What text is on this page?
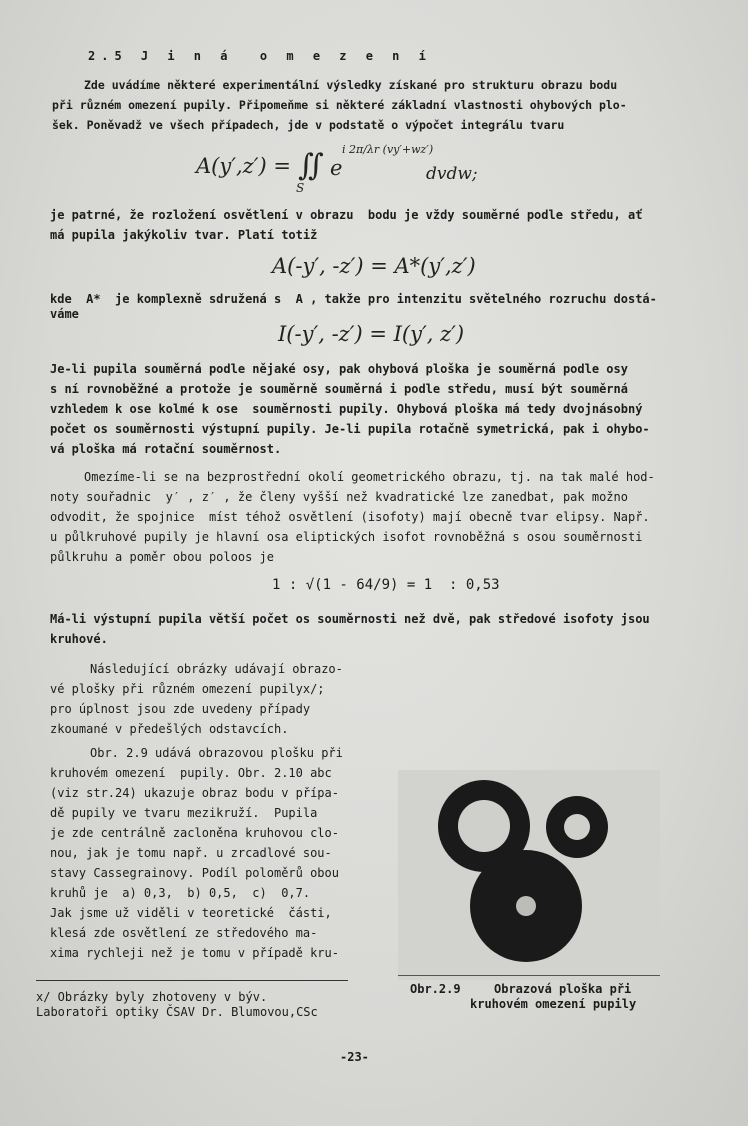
2.5 J i n á  o m e z e n í
Zde uvádíme některé experimentální výsledky získané pro strukturu obrazu bodu
při různém omezení pupily. Připomeňme si některé základní vlastnosti ohybových plo-
šek. Poněvadž ve všech případech, jde v podstatě o výpočet integrálu tvaru
A(y′,z′) = ∬
S
e
i 2π/λr (vy′+wz′)
dvdw;
je patrné, že rozložení osvětlení v obrazu  bodu je vždy souměrné podle středu, ať
má pupila jakýkoliv tvar. Platí totiž
A(-y′, -z′) = A*(y′,z′)
kde  A*  je komplexně sdružená s  A , takže pro intenzitu světelného rozruchu dostá-
váme
I(-y′, -z′) = I(y′, z′)
Je-li pupila souměrná podle nějaké osy, pak ohybová ploška je souměrná podle osy
s ní rovnoběžné a protože je souměrně souměrná i podle středu, musí být souměrná
vzhledem k ose kolmé k ose  souměrnosti pupily. Ohybová ploška má tedy dvojnásobný
počet os souměrnosti výstupní pupily. Je-li pupila rotačně symetrická, pak i ohybo-
vá ploška má rotační souměrnost.
Omezíme-li se na bezprostřední okolí geometrického obrazu, tj. na tak malé hod-
noty souřadnic  y′ , z′ , že členy vyšší než kvadratické lze zanedbat, pak možno
odvodit, že spojnice  míst téhož osvětlení (isofoty) mají obecně tvar elipsy. Např.
u půlkruhové pupily je hlavní osa eliptických isofot rovnoběžná s osou souměrnosti
půlkruhu a poměr obou poloos je
1 : √(1 - 64/9) = 1  : 0,53
Má-li výstupní pupila větší počet os souměrnosti než dvě, pak středové isofoty jsou
kruhové.
Následující obrázky udávají obrazo-
vé plošky při různém omezení pupilyx/;
pro úplnost jsou zde uvedeny případy
zkoumané v předešlých odstavcích.
Obr. 2.9 udává obrazovou plošku při
kruhovém omezení  pupily. Obr. 2.10 abc
(viz str.24) ukazuje obraz bodu v přípa-
dě pupily ve tvaru mezikruží.  Pupila
je zde centrálně zacloněna kruhovou clo-
nou, jak je tomu např. u zrcadlové sou-
stavy Cassegrainovy. Podíl poloměrů obou
kruhů je  a) 0,3,  b) 0,5,  c)  0,7.
Jak jsme už viděli v teoretické  části,
klesá zde osvětlení ze středového ma-
xima rychleji než je tomu v případě kru-
Obr.2.9	Obrazová ploška při
kruhovém omezení pupily
x/ Obrázky byly zhotoveny v býv.
Laboratoři optiky ČSAV Dr. Blumovou,CSc
-23-
